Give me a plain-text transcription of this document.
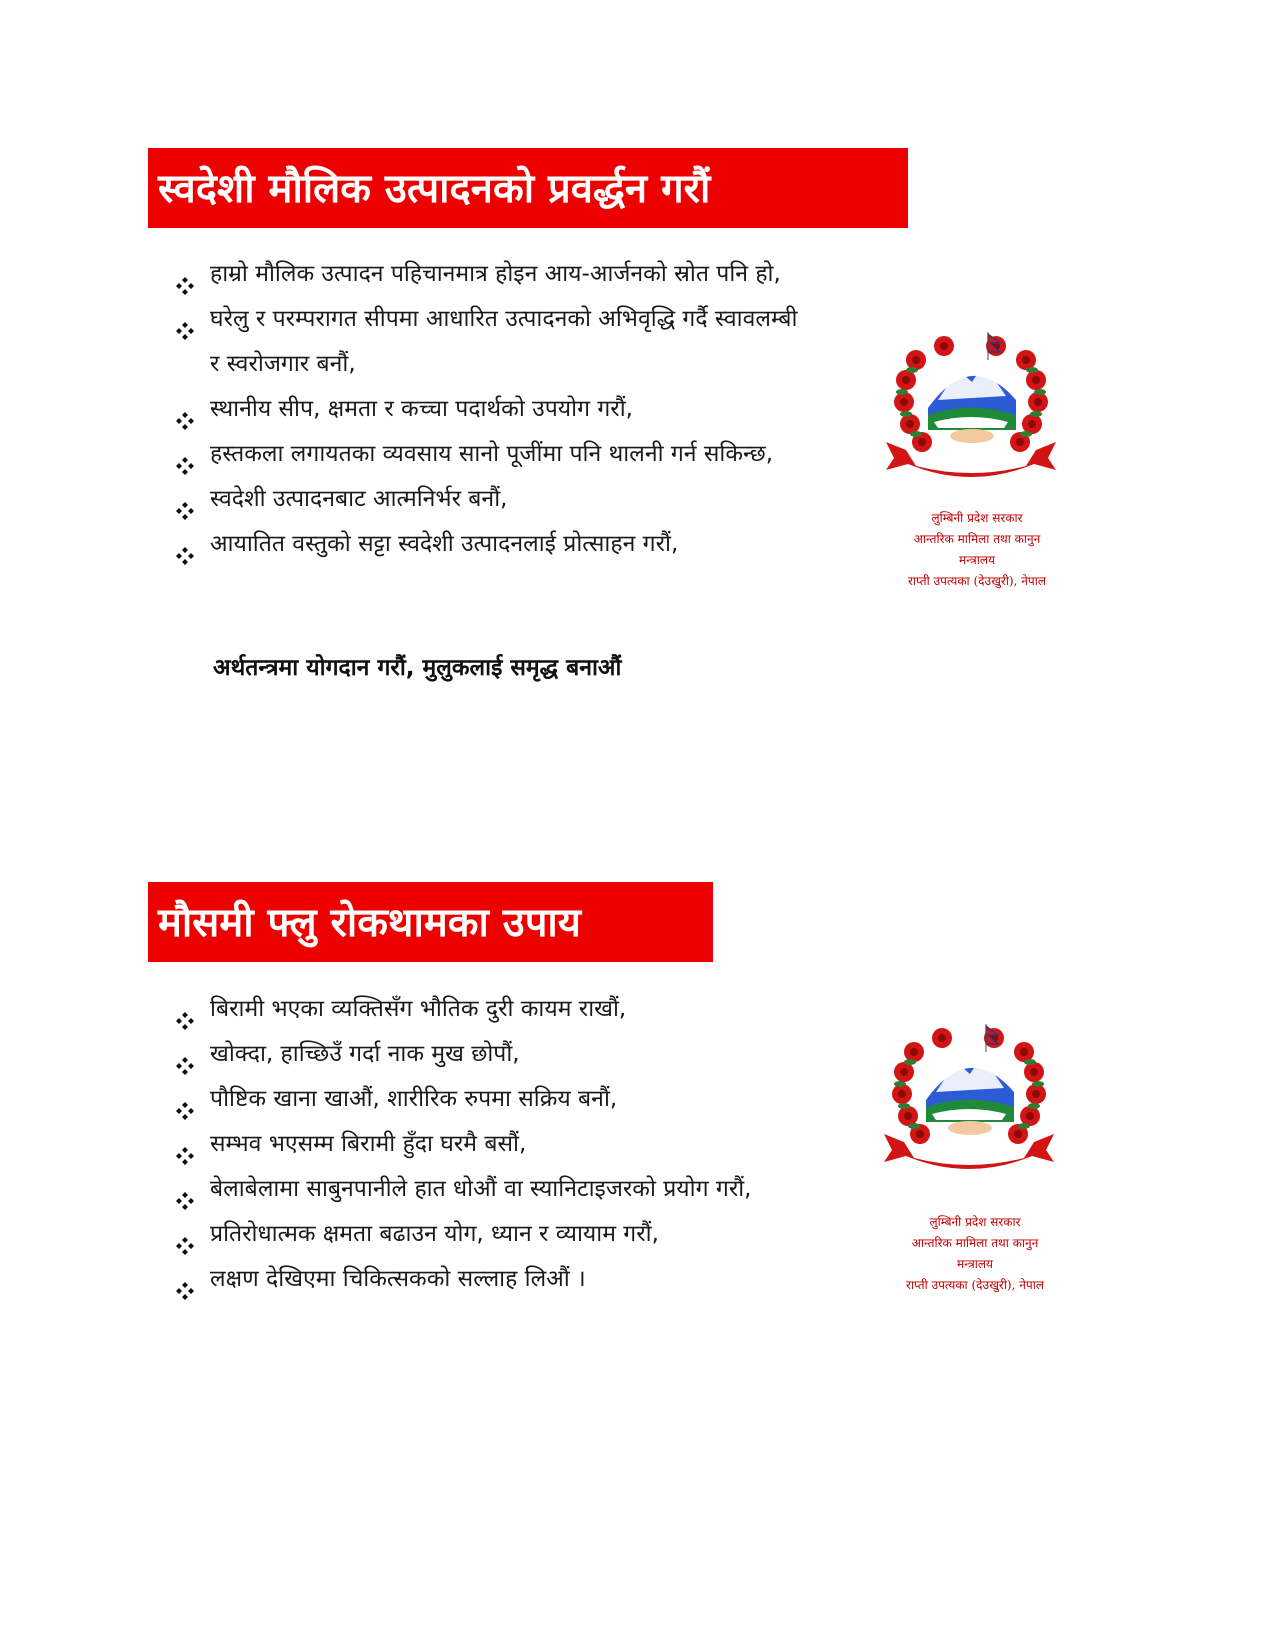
स्वदेशी मौलिक उत्पादनको प्रवर्द्धन गरौं
हाम्रो मौलिक उत्पादन पहिचानमात्र होइन आय-आर्जनको स्रोत पनि हो,
घरेलु र परम्परागत सीपमा आधारित उत्पादनको अभिवृद्धि गर्दै स्वावलम्बी र स्वरोजगार बनौं,
स्थानीय सीप, क्षमता र कच्चा पदार्थको उपयोग गरौं,
हस्तकला लगायतका व्यवसाय सानो पूजींमा पनि थालनी गर्न सकिन्छ,
स्वदेशी उत्पादनबाट आत्मनिर्भर बनौं,
आयातित वस्तुको सट्टा स्वदेशी उत्पादनलाई प्रोत्साहन गरौं,
अर्थतन्त्रमा योगदान गरौं, मुलुकलाई समृद्ध बनाऔं
लुम्बिनी प्रदेश सरकार
आन्तरिक मामिला तथा कानुन
मन्त्रालय
राप्ती उपत्यका (देउखुरी), नेपाल
मौसमी फ्लु रोकथामका उपाय
बिरामी भएका व्यक्तिसँग भौतिक दुरी कायम राखौं,
खोक्दा, हाच्छिउँ गर्दा नाक मुख छोपौं,
पौष्टिक खाना खाऔं, शारीरिक रुपमा सक्रिय बनौं,
सम्भव भएसम्म बिरामी हुँदा घरमै बसौं,
बेलाबेलामा साबुनपानीले हात धोऔं वा स्यानिटाइजरको प्रयोग गरौं,
प्रतिरोधात्मक क्षमता बढाउन योग, ध्यान र व्यायाम गरौं,
लक्षण देखिएमा चिकित्सकको सल्लाह लिऔं ।
लुम्बिनी प्रदेश सरकार
आन्तरिक मामिला तथा कानुन
मन्त्रालय
राप्ती उपत्यका (देउखुरी), नेपाल
